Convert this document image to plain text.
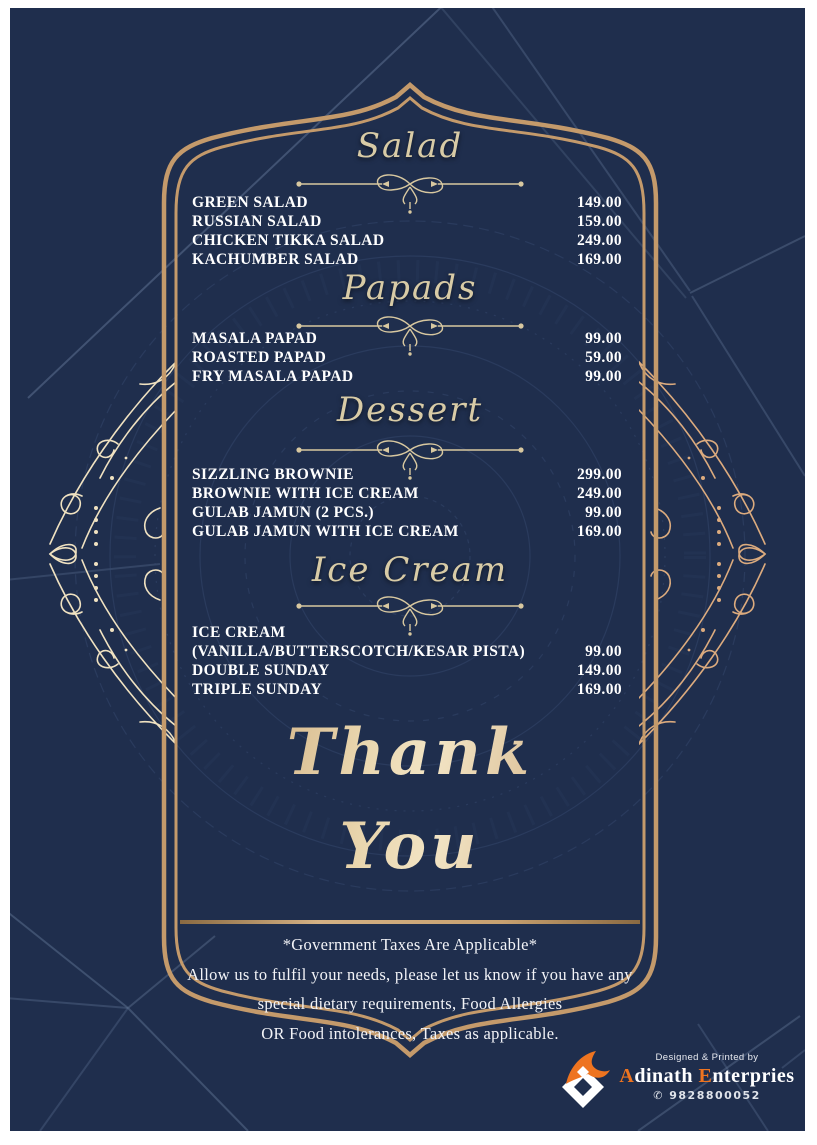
Salad
GREEN SALAD	149.00
RUSSIAN SALAD	159.00
CHICKEN TIKKA SALAD	249.00
KACHUMBER SALAD	169.00
Papads
MASALA PAPAD	99.00
ROASTED PAPAD	59.00
FRY MASALA PAPAD	99.00
Dessert
SIZZLING BROWNIE	299.00
BROWNIE WITH ICE CREAM	249.00
GULAB JAMUN (2 PCS.)	99.00
GULAB JAMUN WITH ICE CREAM	169.00
Ice Cream
ICE CREAM
(VANILLA/BUTTERSCOTCH/KESAR PISTA)	99.00
DOUBLE SUNDAY	149.00
TRIPLE SUNDAY	169.00
Thank
You
*Government Taxes Are Applicable*
Allow us to fulfil your needs, please let us know if you have any
special dietary requirements, Food Allergies
OR Food intolerances, Taxes as applicable.
Designed & Printed by
Adinath Enterpries
✆ 9828800052
